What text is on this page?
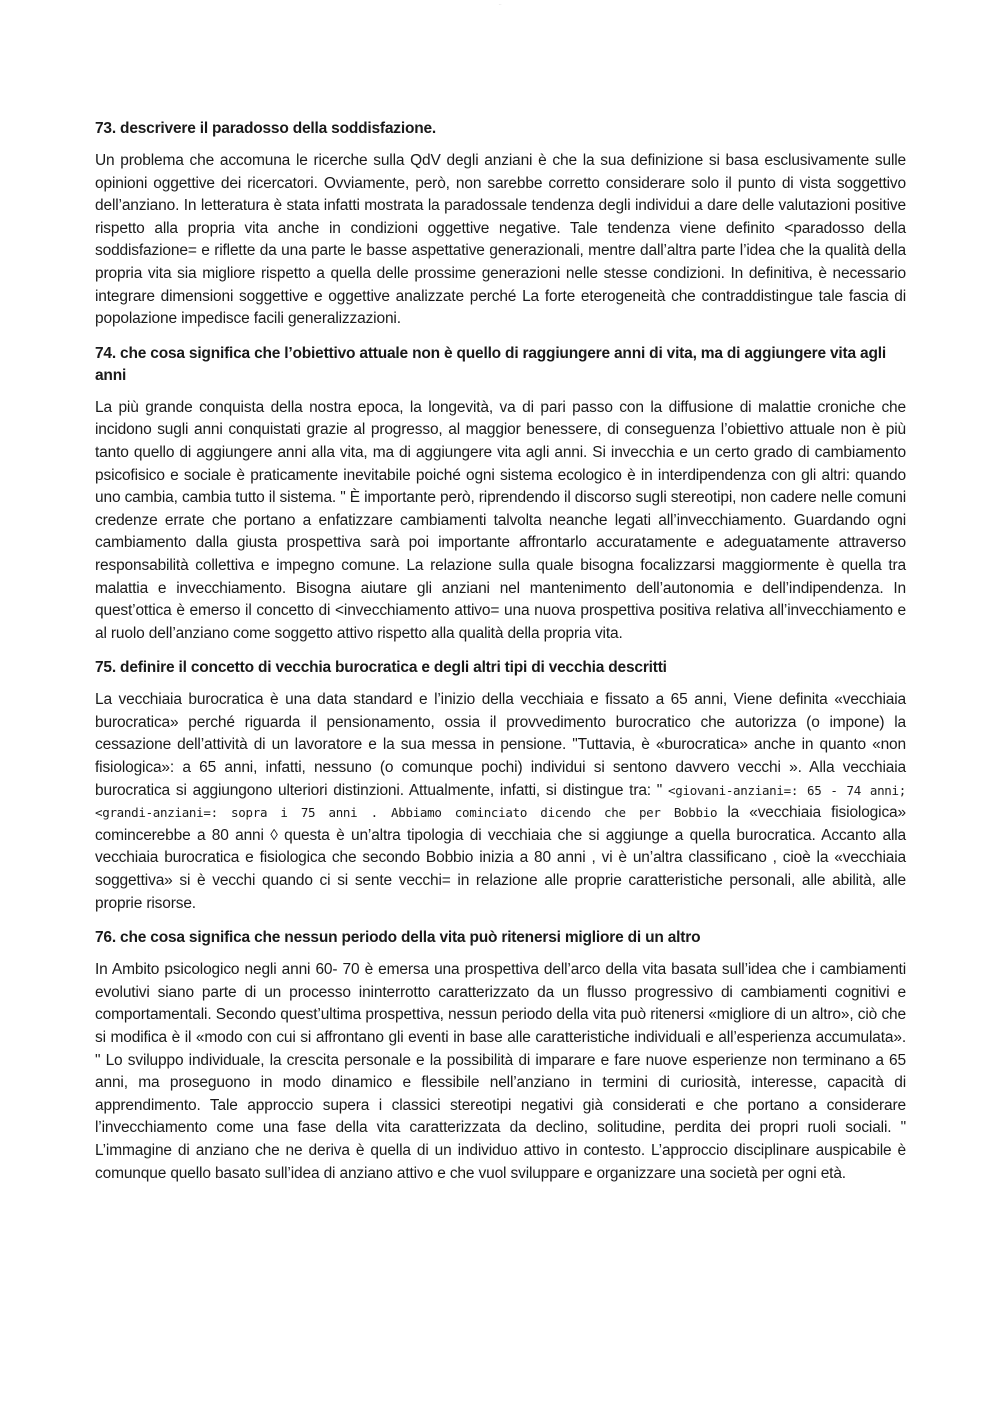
...
73. descrivere il paradosso della soddisfazione.

Un problema che accomuna le ricerche sulla QdV degli anziani è che la sua definizione si basa esclusivamente sulle opinioni oggettive dei ricercatori. Ovviamente, però, non sarebbe corretto considerare solo il punto di vista soggettivo dell’anziano. In letteratura è stata infatti mostrata la paradossale tendenza degli individui a dare delle valutazioni positive rispetto alla propria vita anche in condizioni oggettive negative. Tale tendenza viene definito <paradosso della soddisfazione= e riflette da una parte le basse aspettative generazionali, mentre dall’altra parte l’idea che la qualità della propria vita sia migliore rispetto a quella delle prossime generazioni nelle stesse condizioni. In definitiva, è necessario integrare dimensioni soggettive e oggettive analizzate perché La forte eterogeneità che contraddistingue tale fascia di popolazione impedisce facili generalizzazioni.

74. che cosa significa che l’obiettivo attuale non è quello di raggiungere anni di vita, ma di aggiungere vita agli anni

La più grande conquista della nostra epoca, la longevità, va di pari passo con la diffusione di malattie croniche che incidono sugli anni conquistati grazie al progresso, al maggior benessere, di conseguenza l’obiettivo attuale non è più tanto quello di aggiungere anni alla vita, ma di aggiungere vita agli anni. Si invecchia e un certo grado di cambiamento psicofisico e sociale è praticamente inevitabile poiché ogni sistema ecologico è in interdipendenza con gli altri: quando uno cambia, cambia tutto il sistema. " È importante però, riprendendo il discorso sugli stereotipi, non cadere nelle comuni credenze errate che portano a enfatizzare cambiamenti talvolta neanche legati all’invecchiamento. Guardando ogni cambiamento dalla giusta prospettiva sarà poi importante affrontarlo accuratamente e adeguatamente attraverso responsabilità collettiva e impegno comune. La relazione sulla quale bisogna focalizzarsi maggiormente è quella tra malattia e invecchiamento. Bisogna aiutare gli anziani nel mantenimento dell’autonomia e dell’indipendenza. In quest’ottica è emerso il concetto di <invecchiamento attivo= una nuova prospettiva positiva relativa all’invecchiamento e al ruolo dell’anziano come soggetto attivo rispetto alla qualità della propria vita.

75. definire il concetto di vecchia burocratica e degli altri tipi di vecchia descritti

La vecchiaia burocratica è una data standard e l’inizio della vecchiaia e fissato a 65 anni, Viene definita «vecchiaia burocratica» perché riguarda il pensionamento, ossia il provvedimento burocratico che autorizza (o impone) la cessazione dell’attività di un lavoratore e la sua messa in pensione. "Tuttavia, è «burocratica» anche in quanto «non fisiologica»: a 65 anni, infatti, nessuno (o comunque pochi) individui si sentono davvero vecchi ». Alla vecchiaia burocratica si aggiungono ulteriori distinzioni. Attualmente, infatti, si distingue tra: " <giovani-anziani=: 65 - 74 anni; <grandi-anziani=: sopra i 75 anni . Abbiamo cominciato dicendo che per Bobbio la «vecchiaia fisiologica» comincerebbe a 80 anni ◊ questa è un’altra tipologia di vecchiaia che si aggiunge a quella burocratica. Accanto alla vecchiaia burocratica e fisiologica che secondo Bobbio inizia a 80 anni , vi è un’altra classificano , cioè la «vecchiaia soggettiva» si è vecchi quando ci si sente vecchi= in relazione alle proprie caratteristiche personali, alle abilità, alle proprie risorse.

76. che cosa significa che nessun periodo della vita può ritenersi migliore di un altro

In Ambito psicologico negli anni 60- 70 è emersa una prospettiva dell’arco della vita basata sull’idea che i cambiamenti evolutivi siano parte di un processo ininterrotto caratterizzato da un flusso progressivo di cambiamenti cognitivi e comportamentali. Secondo quest’ultima prospettiva, nessun periodo della vita può ritenersi «migliore di un altro», ciò che si modifica è il «modo con cui si affrontano gli eventi in base alle caratteristiche individuali e all’esperienza accumulata». " Lo sviluppo individuale, la crescita personale e la possibilità di imparare e fare nuove esperienze non terminano a 65 anni, ma proseguono in modo dinamico e flessibile nell’anziano in termini di curiosità, interesse, capacità di apprendimento. Tale approccio supera i classici stereotipi negativi già considerati e che portano a considerare l’invecchiamento come una fase della vita caratterizzata da declino, solitudine, perdita dei propri ruoli sociali. " L’immagine di anziano che ne deriva è quella di un individuo attivo in contesto. L’approccio disciplinare auspicabile è comunque quello basato sull’idea di anziano attivo e che vuol sviluppare e organizzare una società per ogni età.
